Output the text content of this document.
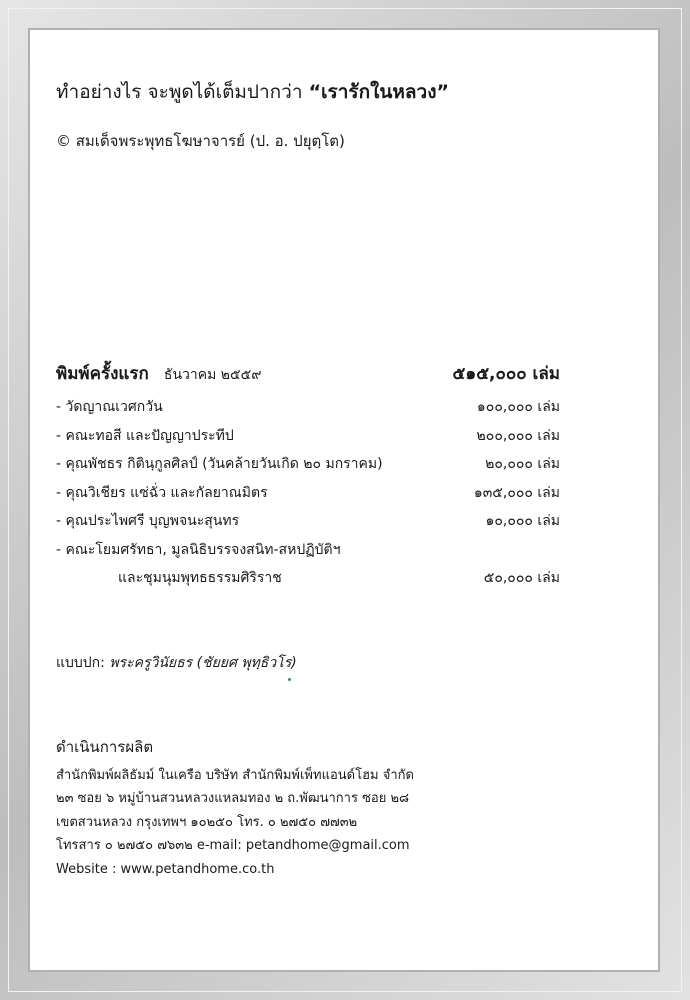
ทำอย่างไร จะพูดได้เต็มปากว่า “เรารักในหลวง”
© สมเด็จพระพุทธโฆษาจารย์ (ป. อ. ปยุตฺโต)
พิมพ์ครั้งแรก ธันวาคม ๒๕๕๙	๕๑๕,๐๐๐ เล่ม
- วัดญาณเวศกวัน	๑๐๐,๐๐๐ เล่ม
- คณะทอสี และปัญญาประทีป	๒๐๐,๐๐๐ เล่ม
- คุณพัชธร กิตินฺกูลศิลป์ (วันคล้ายวันเกิด ๒๐ มกราคม)	๒๐,๐๐๐ เล่ม
- คุณวิเชียร แซ่ฉั่ว และกัลยาณมิตร	๑๓๕,๐๐๐ เล่ม
- คุณประไพศรี บุญพจนะสุนทร	๑๐,๐๐๐ เล่ม
- คณะโยมศรัทธา, มูลนิธิบรรจงสนิท-สหปฏิบัติฯ
และชุมนุมพุทธธรรมศิริราช	๕๐,๐๐๐ เล่ม
แบบปก: พระครูวินัยธร (ชัยยศ พุทฺธิวโร)
ดำเนินการผลิต
สำนักพิมพ์ผลิธัมม์ ในเครือ บริษัท สำนักพิมพ์เพ็ทแอนด์โฮม จำกัด
๒๓ ซอย ๖ หมู่บ้านสวนหลวงแหลมทอง ๒ ถ.พัฒนาการ ซอย ๒๘
เขตสวนหลวง กรุงเทพฯ ๑๐๒๕๐ โทร. ๐ ๒๗๕๐ ๗๗๓๒
โทรสาร ๐ ๒๗๕๐ ๗๖๓๒ e-mail: petandhome@gmail.com
Website : www.petandhome.co.th
